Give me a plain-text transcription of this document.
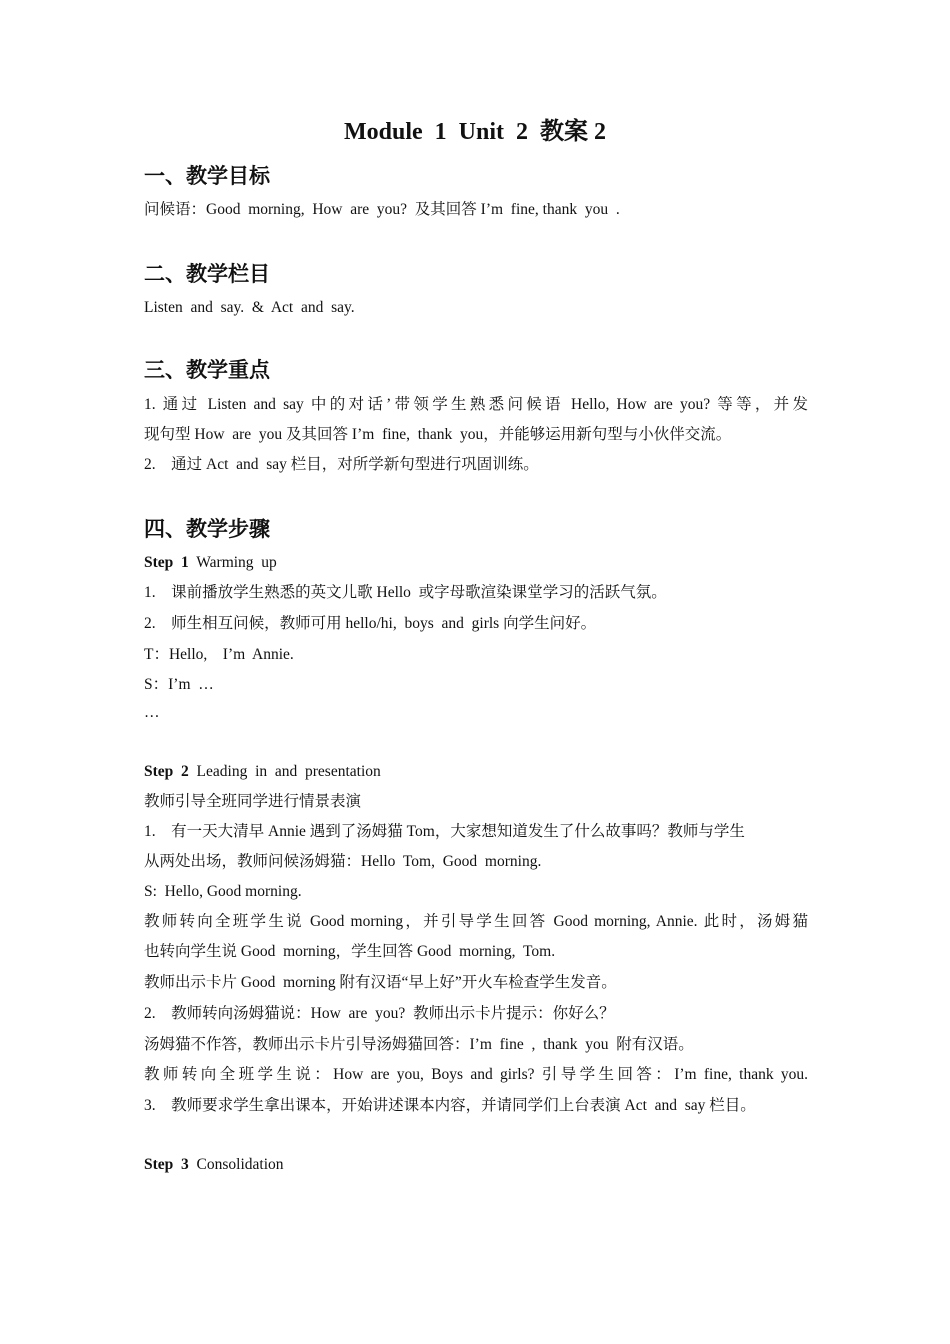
Module  1  Unit  2  教案 2
一、教学目标
问候语：Good  morning,  How  are  you?  及其回答 I’m  fine, thank  you  .
二、教学栏目
Listen  and  say.  &  Act  and  say.
三、教学重点
1. 通过 Listen and say 中的对话’带领学生熟悉问候语 Hello, How are you? 等等，并发
现句型 How  are  you 及其回答 I’m  fine,  thank  you，并能够运用新句型与小伙伴交流。
2.    通过 Act  and  say 栏目，对所学新句型进行巩固训练。
四、教学步骤
Step  1  Warming  up
1.    课前播放学生熟悉的英文儿歌 Hello  或字母歌渲染课堂学习的活跃气氛。
2.    师生相互问候，教师可用 hello/hi,  boys  and  girls 向学生问好。
T：Hello,    I’m  Annie.
S：I’m  …
…
Step  2  Leading  in  and  presentation
教师引导全班同学进行情景表演
1.    有一天大清早 Annie 遇到了汤姆猫 Tom，大家想知道发生了什么故事吗？教师与学生
从两处出场，教师问候汤姆猫：Hello  Tom,  Good  morning.
S:  Hello, Good morning.
教师转向全班学生说 Good morning，并引导学生回答 Good morning, Annie. 此时，汤姆猫
也转向学生说 Good  morning，学生回答 Good  morning,  Tom.
教师出示卡片 Good  morning 附有汉语“早上好”开火车检查学生发音。
2.    教师转向汤姆猫说：How  are  you?  教师出示卡片提示：你好么？
汤姆猫不作答，教师出示卡片引导汤姆猫回答：I’m  fine  ,  thank  you  附有汉语。
教师转向全班学生说：How are you, Boys and girls? 引导学生回答：I’m fine, thank you.
3.    教师要求学生拿出课本，开始讲述课本内容，并请同学们上台表演 Act  and  say 栏目。
Step  3  Consolidation
